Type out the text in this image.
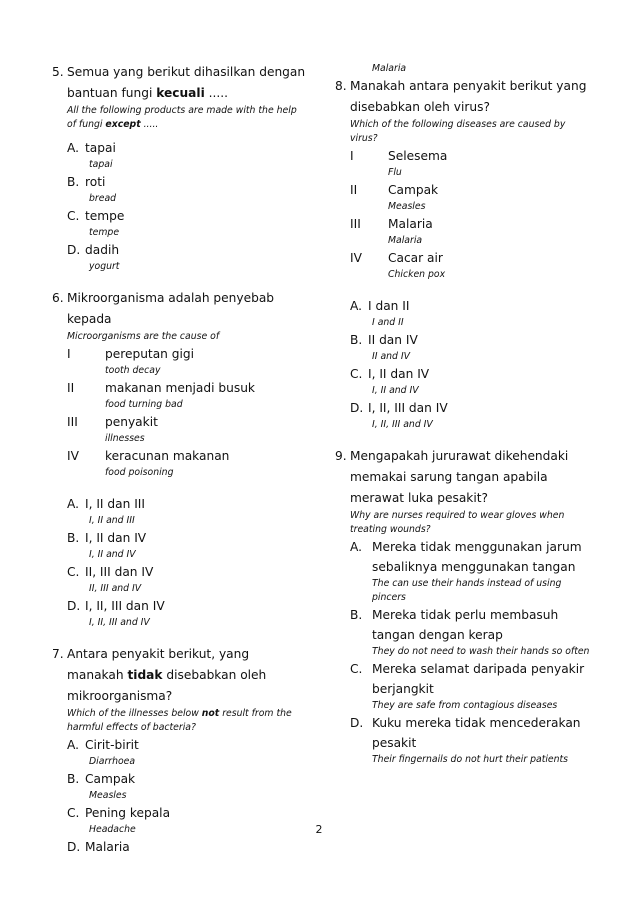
5. Semua yang berikut dihasilkan dengan bantuan fungi kecuali .....
All the following products are made with the help of fungi except .....
A. tapai
tapai
B. roti
bread
C. tempe
tempe
D. dadih
yogurt
6. Mikroorganisma adalah penyebab kepada
Microorganisms are the cause of
I	pereputan gigi
tooth decay
II	makanan menjadi busuk
food turning bad
III penyakit
illnesses
IV keracunan makanan
food poisoning
A. I, II dan III
I, II and III
B. I, II dan IV
I, II and IV
C. II, III dan IV
II, III and IV
D. I, II, III dan IV
I, II, III and IV
7. Antara penyakit berikut, yang manakah tidak disebabkan oleh mikroorganisma?
Which of the illnesses below not result from the harmful effects of bacteria?
A. Cirit-birit
Diarrhoea
B. Campak
Measles
C. Pening kepala
Headache
D. Malaria
Malaria
8. Manakah antara penyakit berikut yang disebabkan oleh virus?
Which of the following diseases are caused by virus?
I	Selesema
Flu
II	Campak
Measles
III Malaria
Malaria
IV Cacar air
Chicken pox
A. I dan II
I and II
B. II dan IV
II and IV
C. I, II dan IV
I, II and IV
D. I, II, III dan IV
I, II, III and IV
9. Mengapakah jururawat dikehendaki memakai sarung tangan apabila merawat luka pesakit?
Why are nurses required to wear gloves when treating wounds?
A. Mereka tidak menggunakan jarum sebaliknya menggunakan tangan
The can use their hands instead of using pincers
B. Mereka tidak perlu membasuh tangan dengan kerap
They do not need to wash their hands so often
C. Mereka selamat daripada penyakir berjangkit
They are safe from contagious diseases
D. Kuku mereka tidak mencederakan pesakit
Their fingernails do not hurt their patients
2
